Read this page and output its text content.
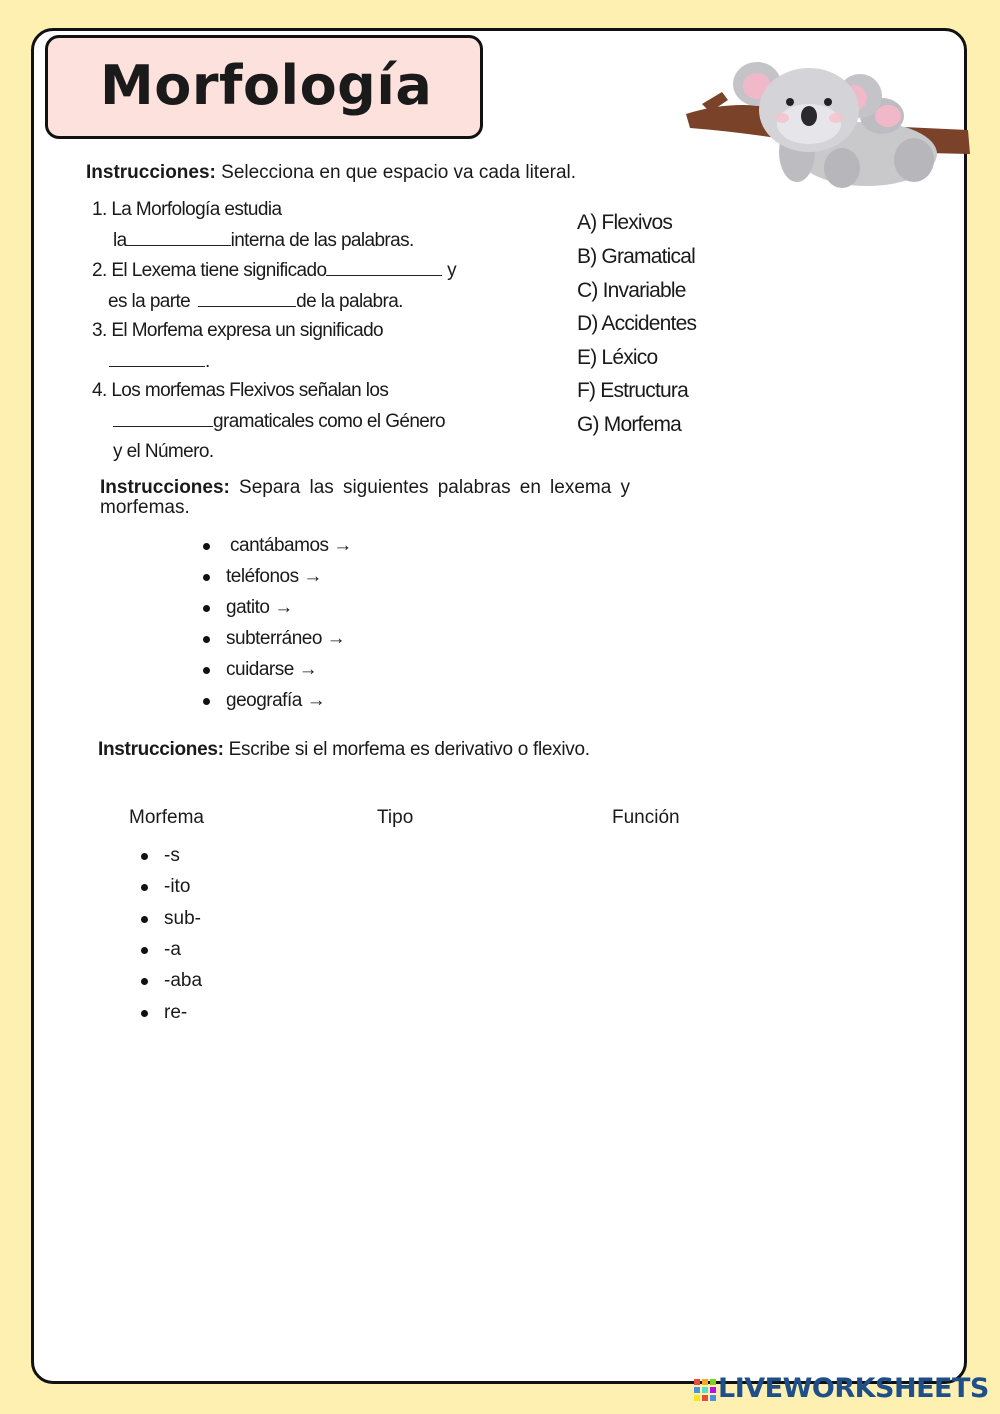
Morfología
Instrucciones: Selecciona en que espacio va cada literal.
1. La Morfología estudia
la	interna de las palabras.
2. El Lexema tiene significado	y
es la parte	de la palabra.
3. El Morfema expresa un significado
.
4. Los morfemas Flexivos señalan los
gramaticales como el Género
y el Número.
A) Flexivos
B) Gramatical
C) Invariable
D) Accidentes
E) Léxico
F) Estructura
G) Morfema
Instrucciones: Separa las siguientes palabras en lexema y morfemas.
cantábamos →
teléfonos →
gatito →
subterráneo →
cuidarse →
geografía →
Instrucciones: Escribe si el morfema es derivativo o flexivo.
Morfema	Tipo	Función
-s
-ito
sub-
-a
-aba
re-
LIVEWORKSHEETS
